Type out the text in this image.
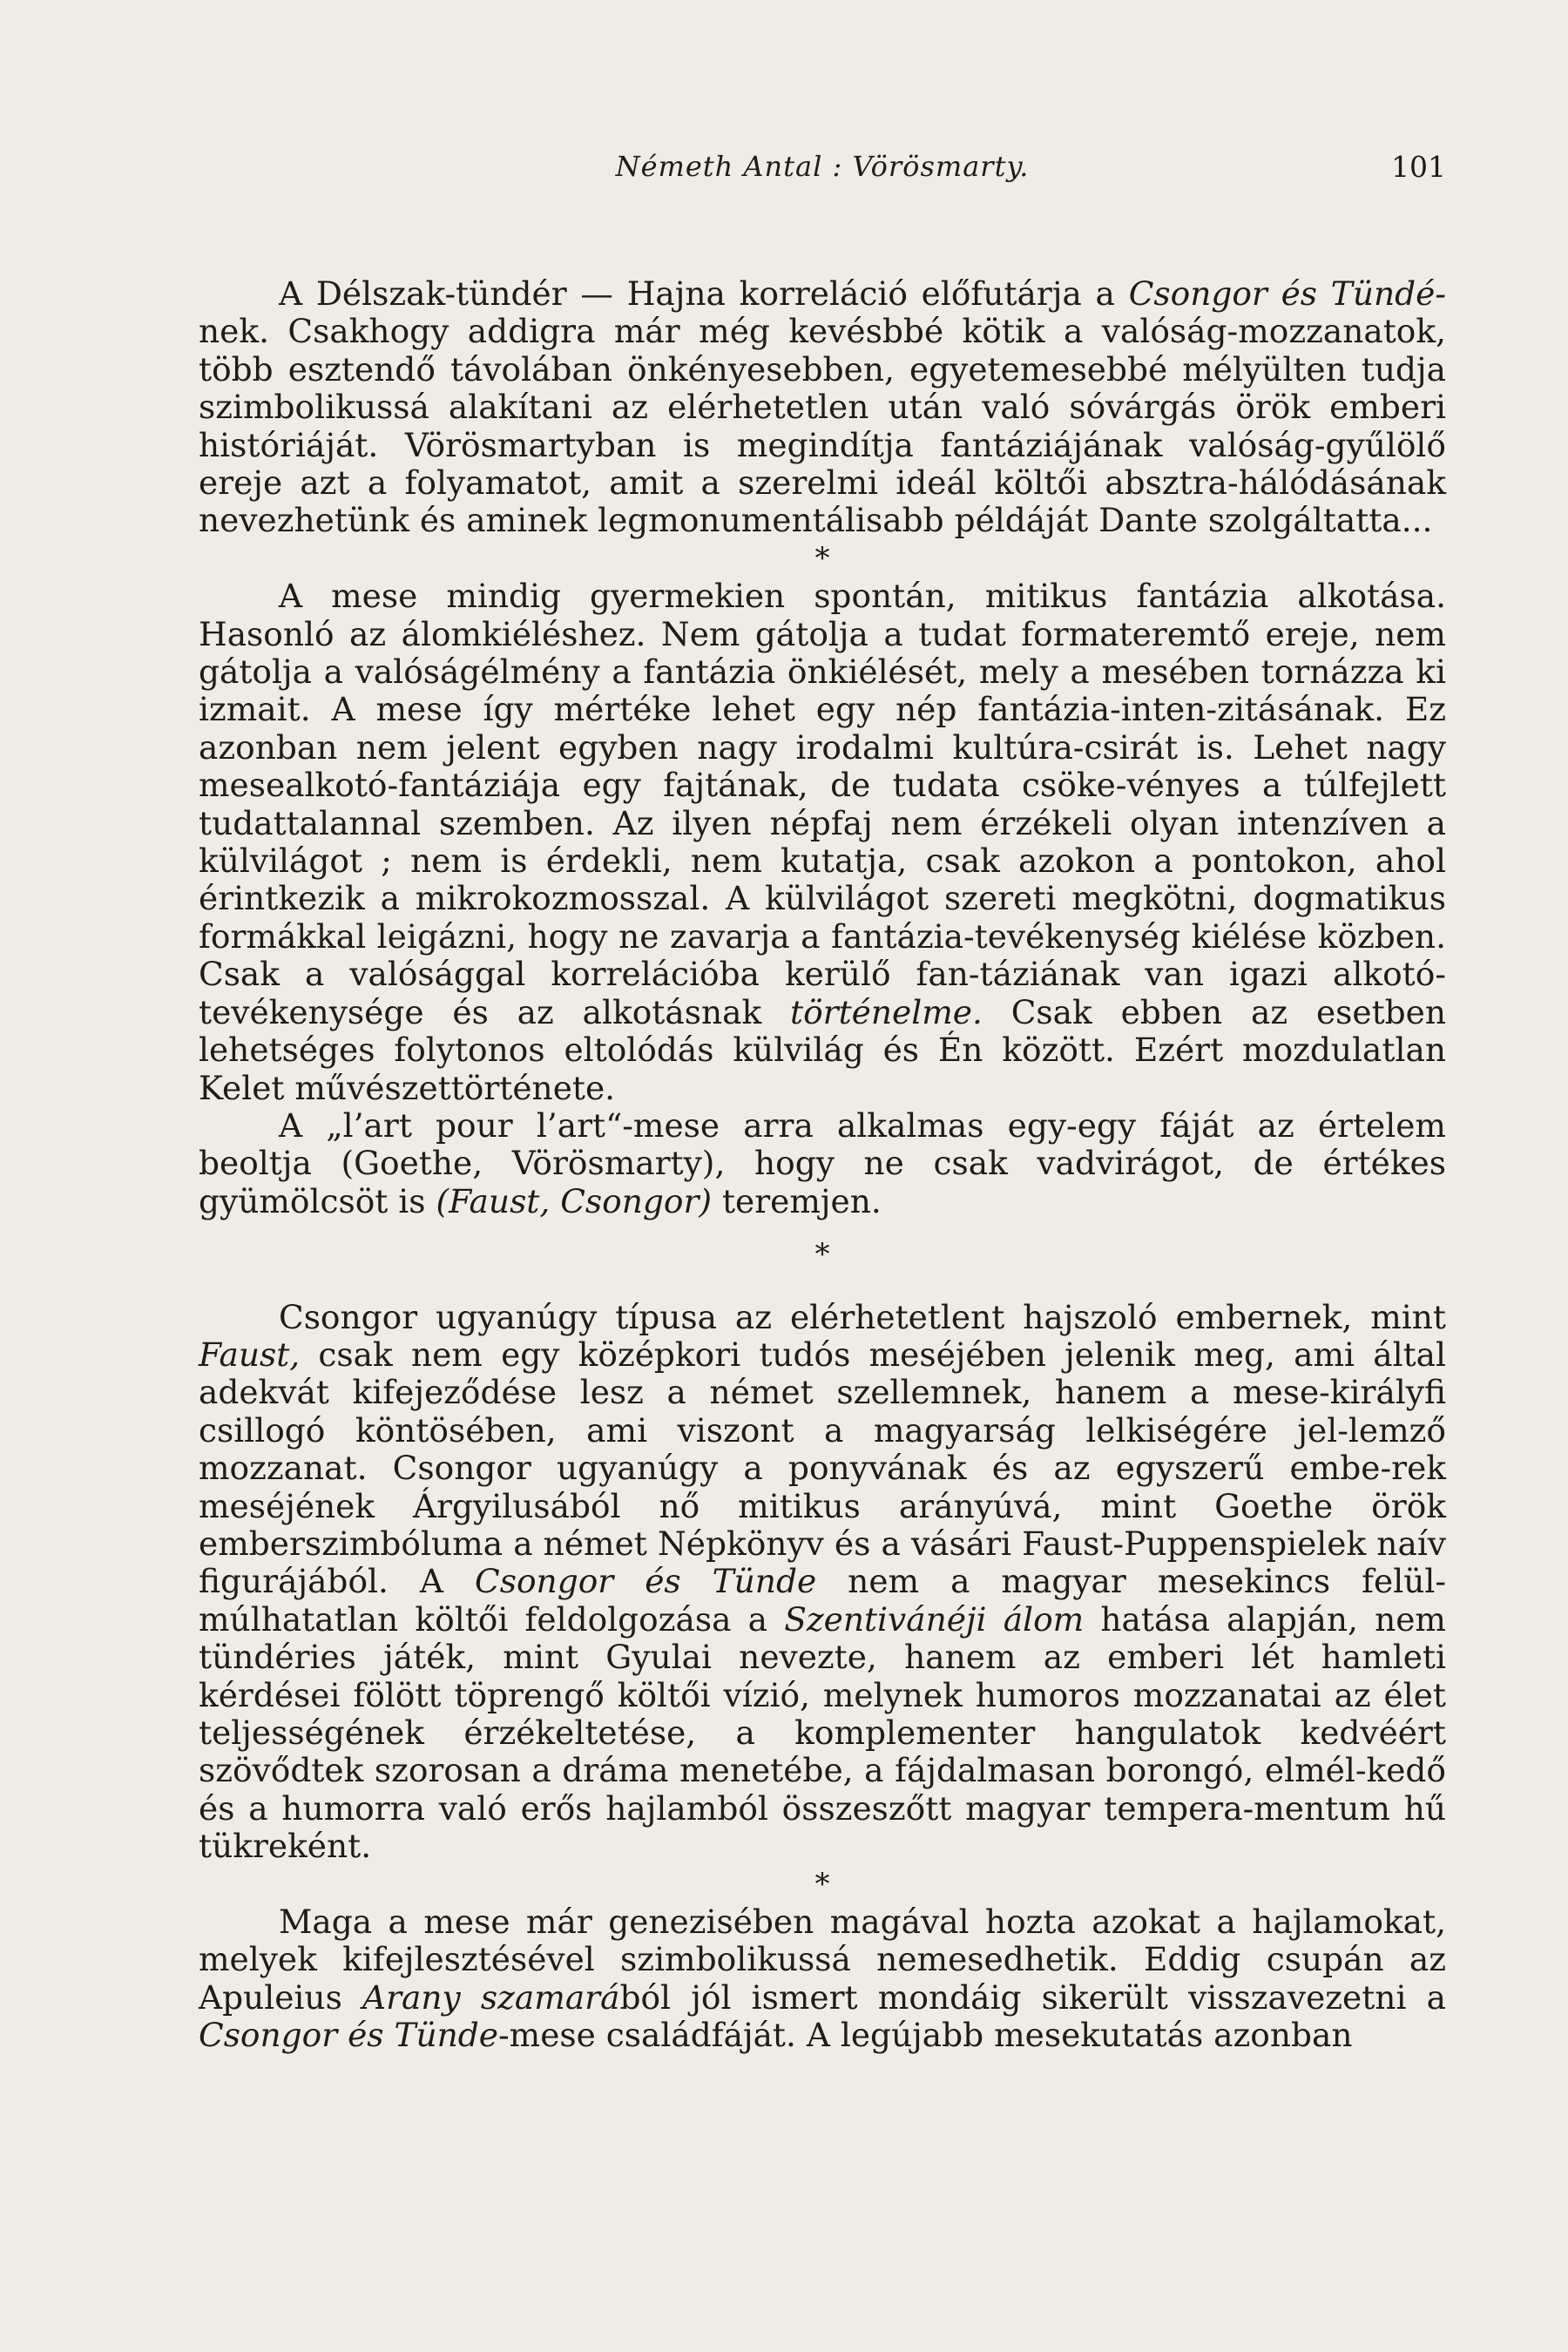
Németh Antal : Vörösmarty.	101

A Délszak-tündér — Hajna korreláció előfutárja a Csongor és Tündé-nek. Csakhogy addigra már még kevésbbé kötik a valóság-mozzanatok, több esztendő távolában önkényesebben, egyetemesebbé mélyülten tudja szimbolikussá alakítani az elérhetetlen után való sóvárgás örök emberi históriáját. Vörösmartyban is megindítja fantáziájának valóság-gyűlölő ereje azt a folyamatot, amit a szerelmi ideál költői absztra-hálódásának nevezhetünk és aminek legmonumentálisabb példáját Dante szolgáltatta...

*

A mese mindig gyermekien spontán, mitikus fantázia alkotása. Hasonló az álomkiéléshez. Nem gátolja a tudat formateremtő ereje, nem gátolja a valóságélmény a fantázia önkiélését, mely a mesében tornázza ki izmait. A mese így mértéke lehet egy nép fantázia-inten-zitásának. Ez azonban nem jelent egyben nagy irodalmi kultúra-csirát is. Lehet nagy mesealkotó-fantáziája egy fajtának, de tudata csöke-vényes a túlfejlett tudattalannal szemben. Az ilyen népfaj nem érzékeli olyan intenzíven a külvilágot ; nem is érdekli, nem kutatja, csak azokon a pontokon, ahol érintkezik a mikrokozmosszal. A külvilágot szereti megkötni, dogmatikus formákkal leigázni, hogy ne zavarja a fantázia-tevékenység kiélése közben. Csak a valósággal korrelációba kerülő fan-táziának van igazi alkotó-tevékenysége és az alkotásnak történelme. Csak ebben az esetben lehetséges folytonos eltolódás külvilág és Én között. Ezért mozdulatlan Kelet művészettörténete.

A „l’art pour l’art“-mese arra alkalmas egy-egy fáját az értelem beoltja (Goethe, Vörösmarty), hogy ne csak vadvirágot, de értékes gyümölcsöt is (Faust, Csongor) teremjen.

*

Csongor ugyanúgy típusa az elérhetetlent hajszoló embernek, mint Faust, csak nem egy középkori tudós meséjében jelenik meg, ami által adekvát kifejeződése lesz a német szellemnek, hanem a mese-királyfi csillogó köntösében, ami viszont a magyarság lelkiségére jel-lemző mozzanat. Csongor ugyanúgy a ponyvának és az egyszerű embe-rek meséjének Árgyilusából nő mitikus arányúvá, mint Goethe örök emberszimbóluma a német Népkönyv és a vásári Faust-Puppenspielek naív figurájából. A Csongor és Tünde nem a magyar mesekincs felül-múlhatatlan költői feldolgozása a Szentivánéji álom hatása alapján, nem tündéries játék, mint Gyulai nevezte, hanem az emberi lét hamleti kérdései fölött töprengő költői vízió, melynek humoros mozzanatai az élet teljességének érzékeltetése, a komplementer hangulatok kedvéért szövődtek szorosan a dráma menetébe, a fájdalmasan borongó, elmél-kedő és a humorra való erős hajlamból összeszőtt magyar tempera-mentum hű tükreként.

*

Maga a mese már genezisében magával hozta azokat a hajlamokat, melyek kifejlesztésével szimbolikussá nemesedhetik. Eddig csupán az Apuleius Arany szamarából jól ismert mondáig sikerült visszavezetni a Csongor és Tünde-mese családfáját. A legújabb mesekutatás azonban
